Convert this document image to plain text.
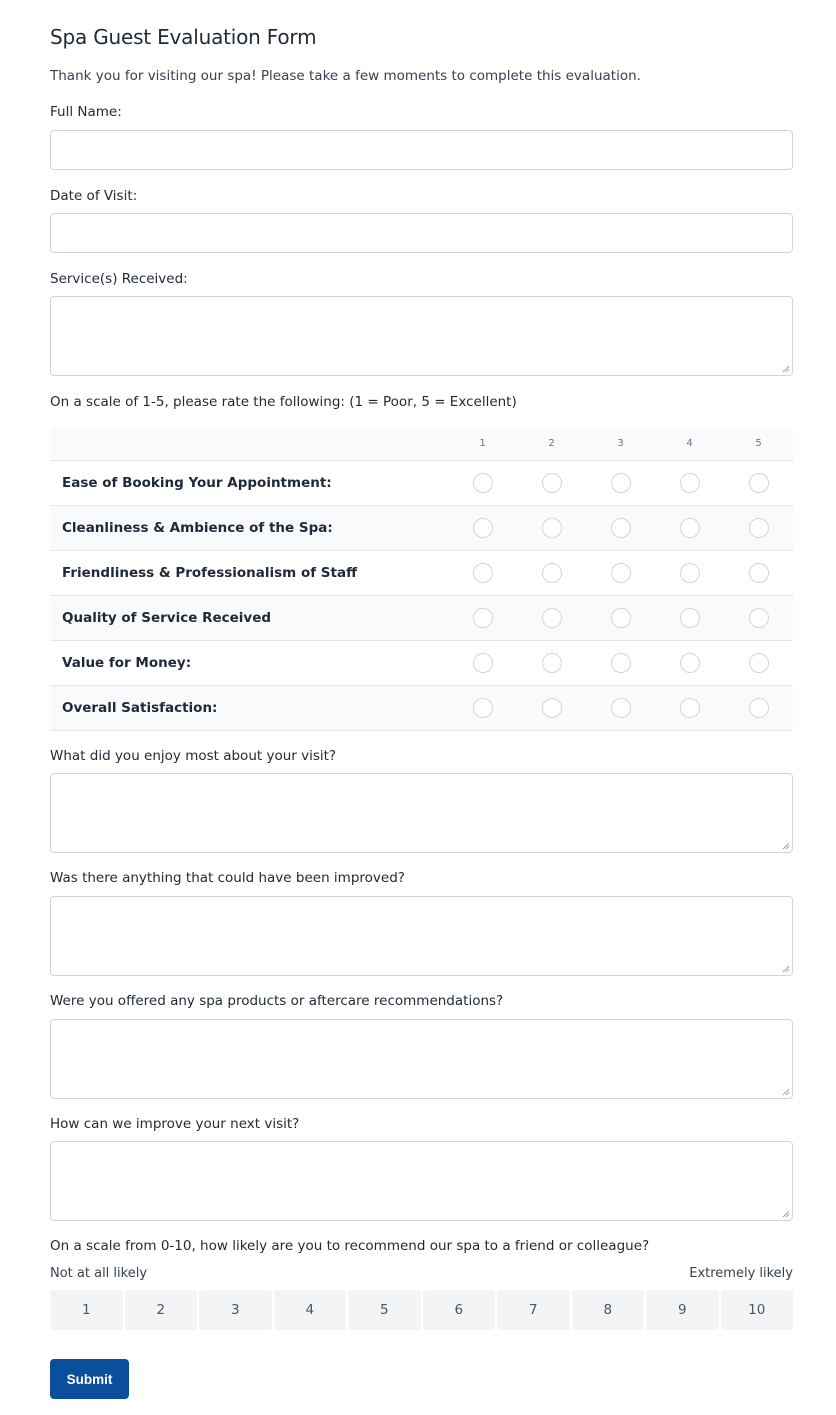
Spa Guest Evaluation Form
Thank you for visiting our spa! Please take a few moments to complete this evaluation.
Full Name:
Date of Visit:
Service(s) Received:
On a scale of 1-5, please rate the following: (1 = Poor, 5 = Excellent)
	1	2	3	4	5
Ease of Booking Your Appointment:					
Cleanliness & Ambience of the Spa:					
Friendliness & Professionalism of Staff					
Quality of Service Received					
Value for Money:					
Overall Satisfaction:					
What did you enjoy most about your visit?
Was there anything that could have been improved?
Were you offered any spa products or aftercare recommendations?
How can we improve your next visit?
On a scale from 0-10, how likely are you to recommend our spa to a friend or colleague?
Not at all likely	Extremely likely
1	2	3	4	5	6	7	8	9	10
Submit
